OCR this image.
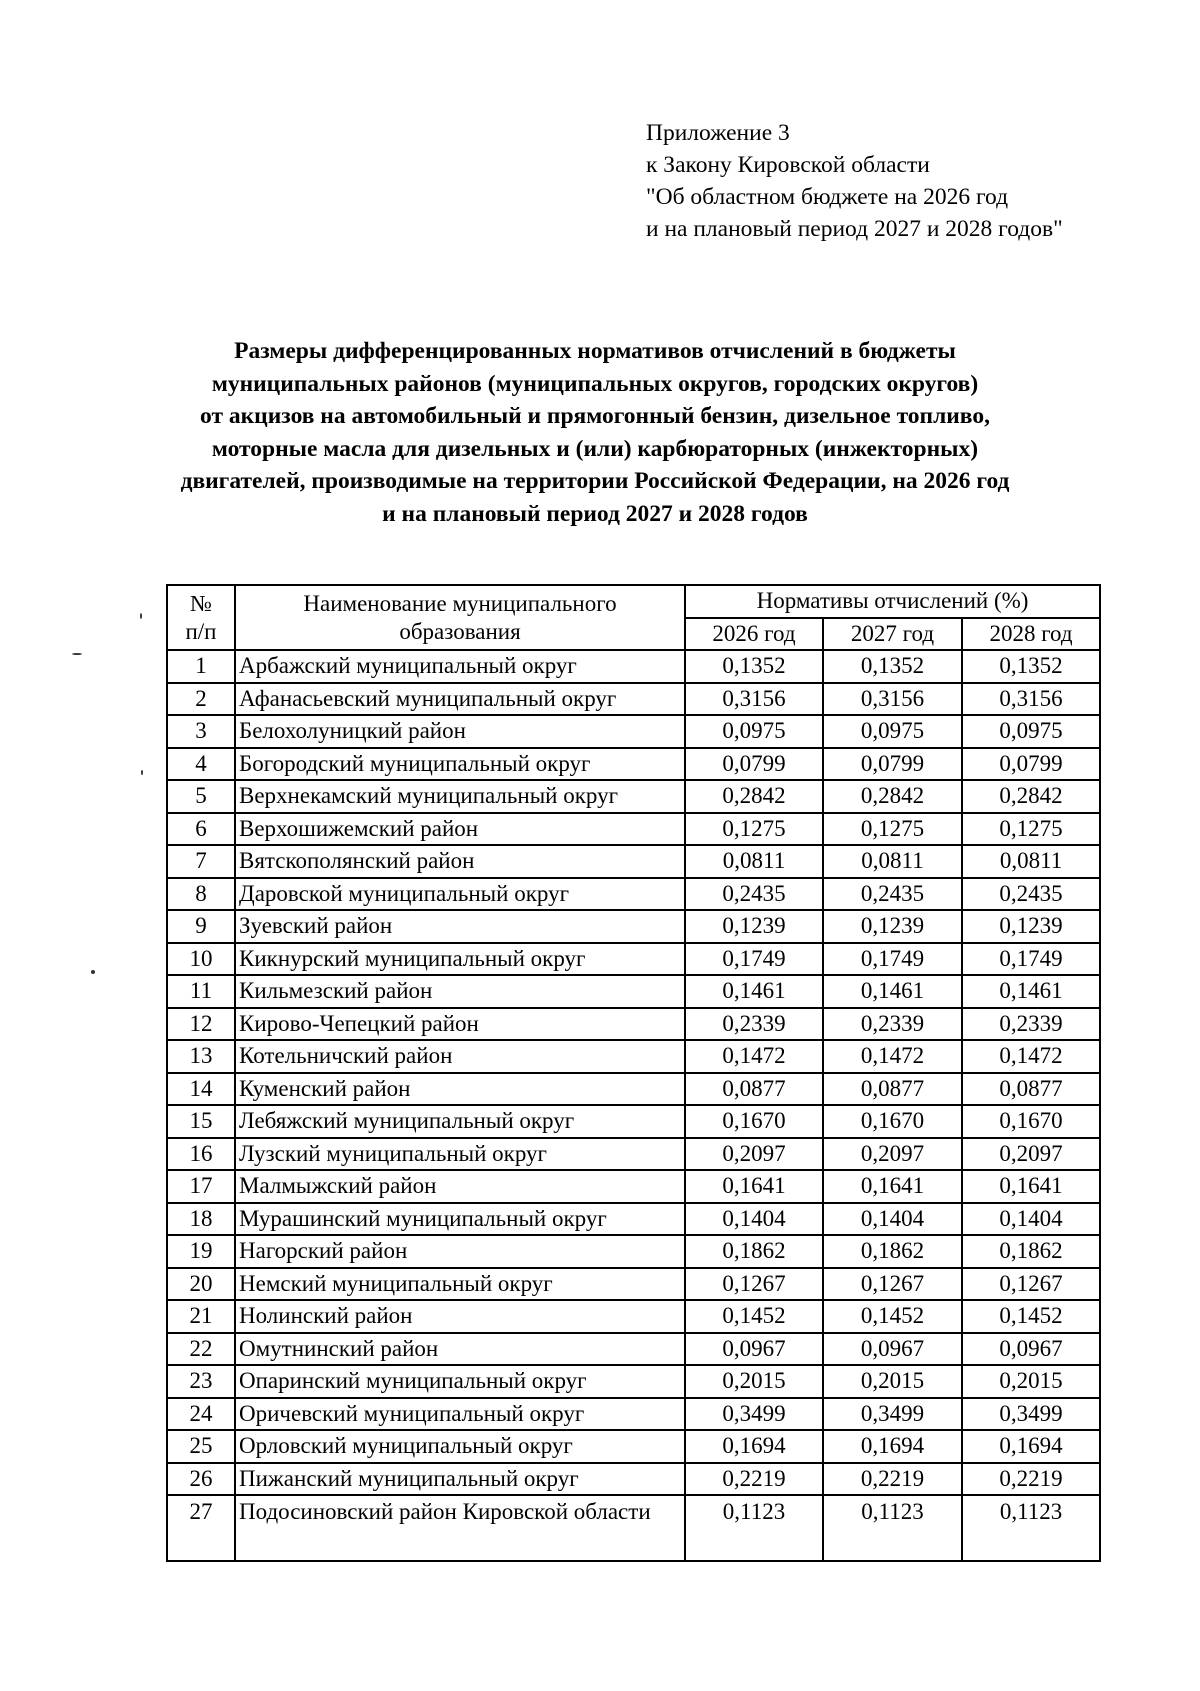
Приложение 3
к Закону Кировской области
"Об областном бюджете на 2026 год
и на плановый период 2027 и 2028 годов"
Размеры дифференцированных нормативов отчислений в бюджеты
муниципальных районов (муниципальных округов, городских округов)
от акцизов на автомобильный и прямогонный бензин, дизельное топливо,
моторные масла для дизельных и (или) карбюраторных (инжекторных)
двигателей, производимые на территории Российской Федерации, на 2026 год
и на плановый период 2027 и 2028 годов
№
п/п	Наименование муниципального образования	Нормативы отчислений (%)		
		2026 год	2027 год	2028 год
1	Арбажский муниципальный округ	0,1352	0,1352	0,1352
2	Афанасьевский муниципальный округ	0,3156	0,3156	0,3156
3	Белохолуницкий район	0,0975	0,0975	0,0975
4	Богородский муниципальный округ	0,0799	0,0799	0,0799
5	Верхнекамский муниципальный округ	0,2842	0,2842	0,2842
6	Верхошижемский район	0,1275	0,1275	0,1275
7	Вятскополянский район	0,0811	0,0811	0,0811
8	Даровской муниципальный округ	0,2435	0,2435	0,2435
9	Зуевский район	0,1239	0,1239	0,1239
10	Кикнурский муниципальный округ	0,1749	0,1749	0,1749
11	Кильмезский район	0,1461	0,1461	0,1461
12	Кирово-Чепецкий район	0,2339	0,2339	0,2339
13	Котельничский район	0,1472	0,1472	0,1472
14	Куменский район	0,0877	0,0877	0,0877
15	Лебяжский муниципальный округ	0,1670	0,1670	0,1670
16	Лузский муниципальный округ	0,2097	0,2097	0,2097
17	Малмыжский район	0,1641	0,1641	0,1641
18	Мурашинский муниципальный округ	0,1404	0,1404	0,1404
19	Нагорский район	0,1862	0,1862	0,1862
20	Немский муниципальный округ	0,1267	0,1267	0,1267
21	Нолинский район	0,1452	0,1452	0,1452
22	Омутнинский район	0,0967	0,0967	0,0967
23	Опаринский муниципальный округ	0,2015	0,2015	0,2015
24	Оричевский муниципальный округ	0,3499	0,3499	0,3499
25	Орловский муниципальный округ	0,1694	0,1694	0,1694
26	Пижанский муниципальный округ	0,2219	0,2219	0,2219
27	Подосиновский район Кировской области	0,1123	0,1123	0,1123
